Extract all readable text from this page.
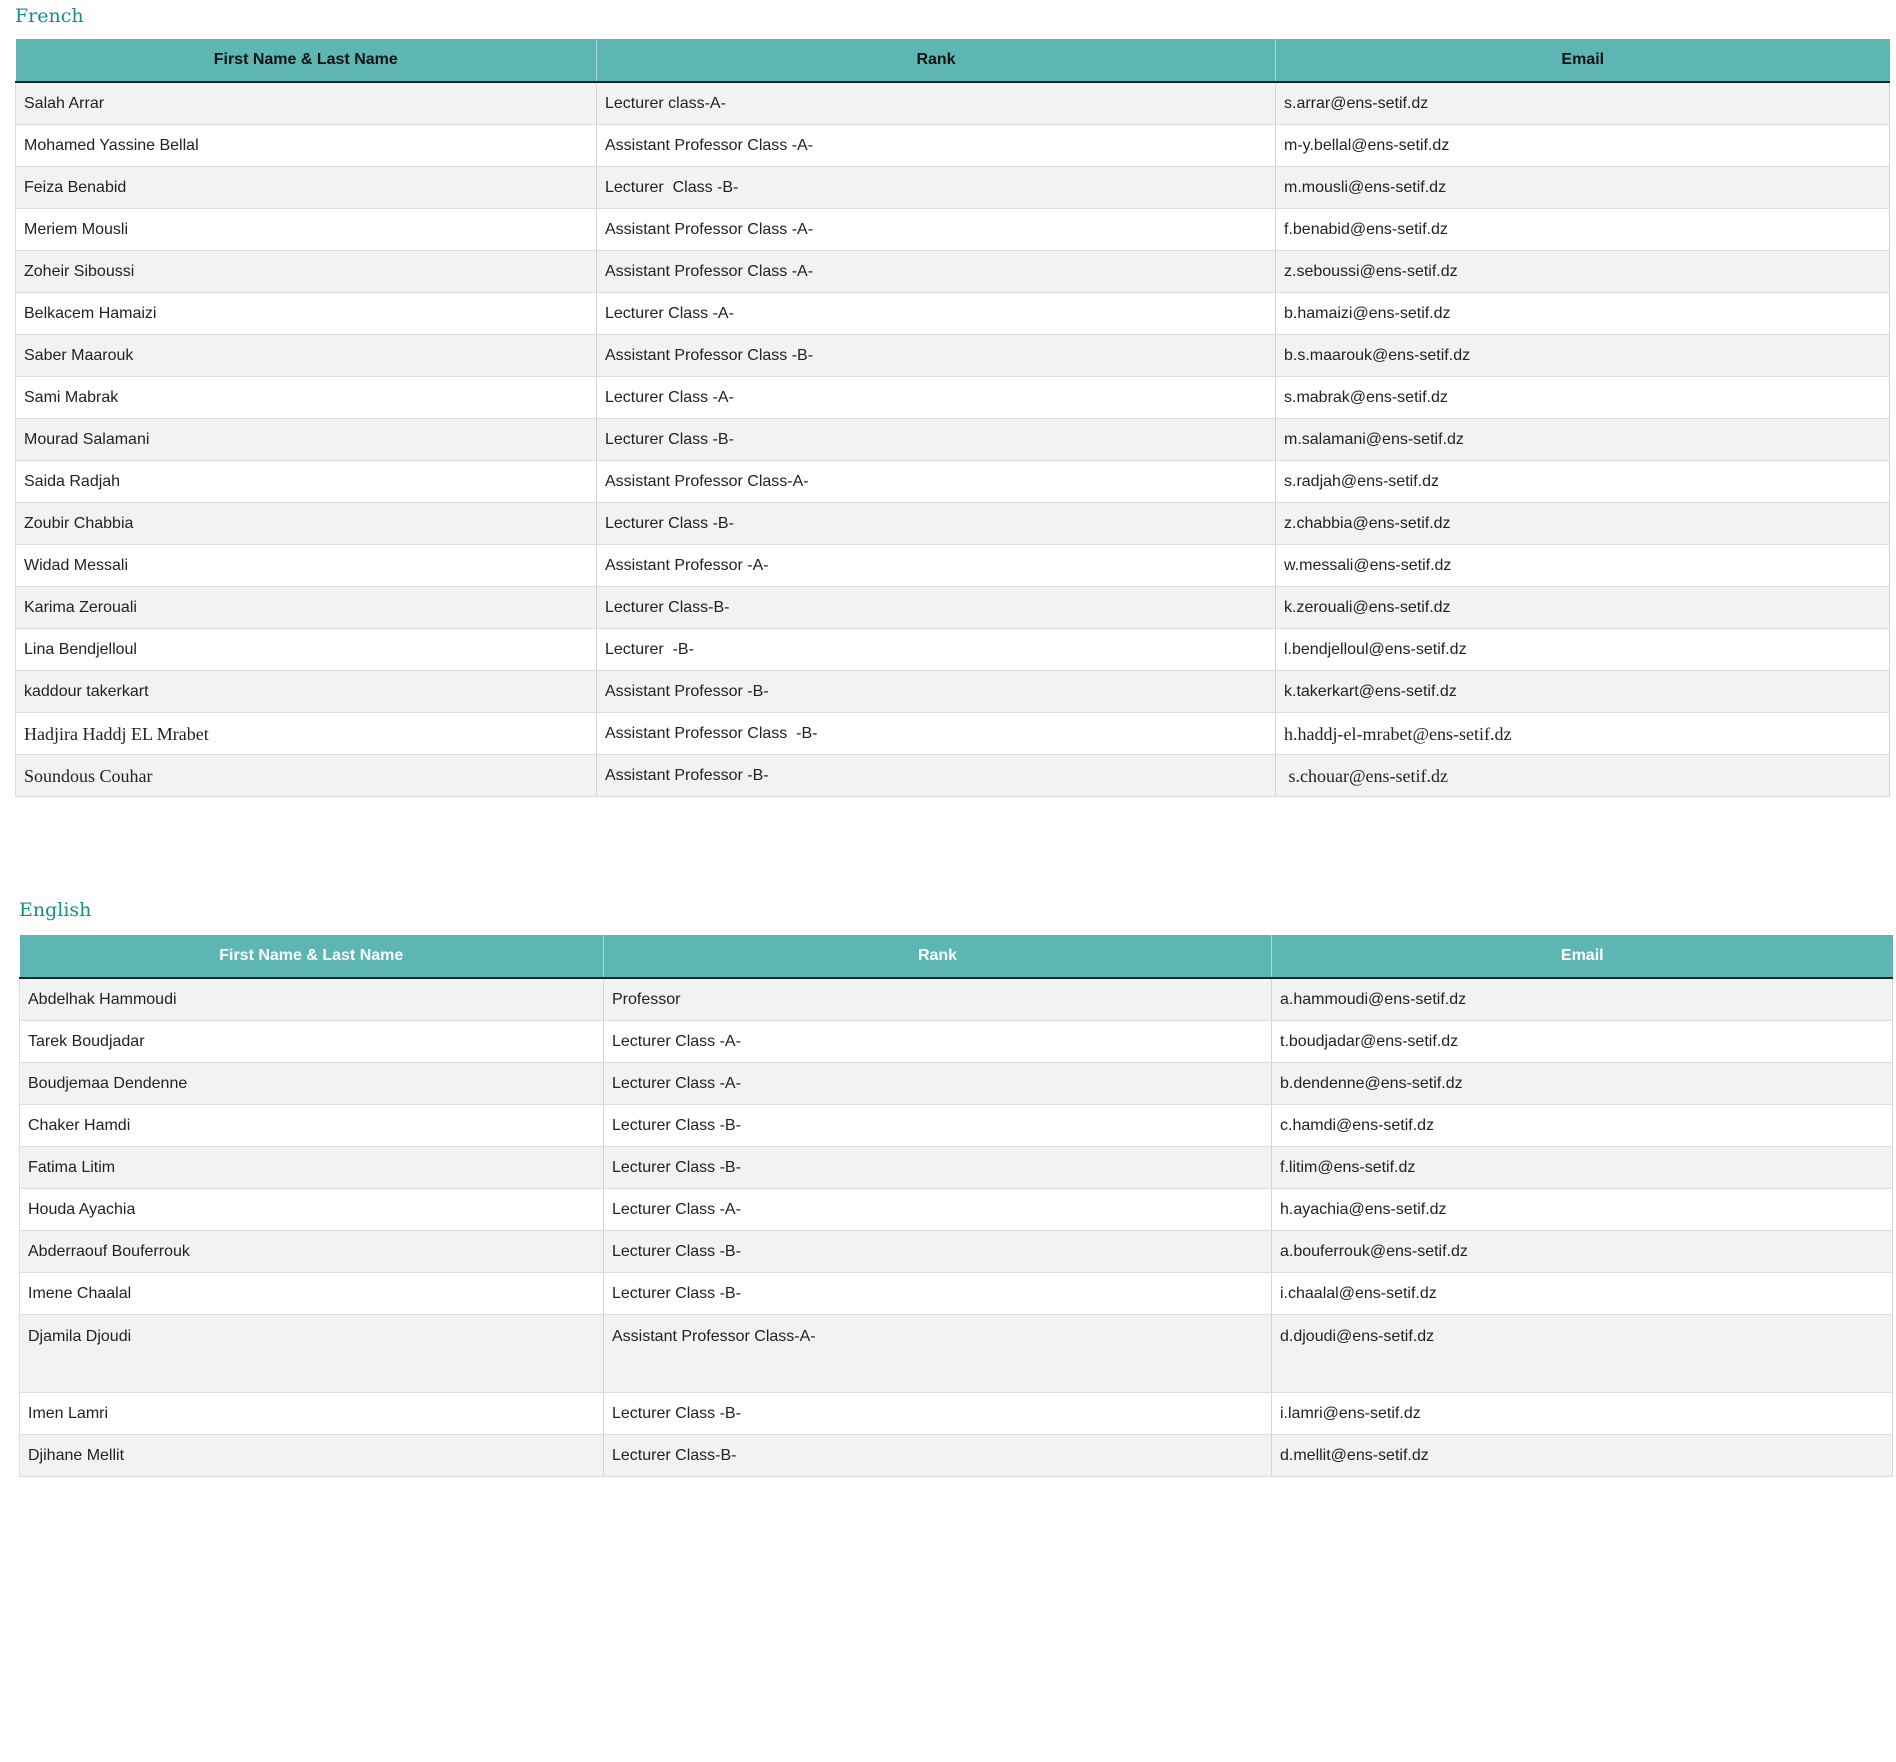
French
First Name & Last Name	Rank	Email
Salah Arrar	Lecturer class-A-	s.arrar@ens-setif.dz
Mohamed Yassine Bellal	Assistant Professor Class -A-	m-y.bellal@ens-setif.dz
Feiza Benabid	Lecturer  Class -B-	m.mousli@ens-setif.dz
Meriem Mousli	Assistant Professor Class -A-	f.benabid@ens-setif.dz
Zoheir Siboussi	Assistant Professor Class -A-	z.seboussi@ens-setif.dz
Belkacem Hamaizi	Lecturer Class -A-	b.hamaizi@ens-setif.dz
Saber Maarouk	Assistant Professor Class -B-	b.s.maarouk@ens-setif.dz
Sami Mabrak	Lecturer Class -A-	s.mabrak@ens-setif.dz
Mourad Salamani	Lecturer Class -B-	m.salamani@ens-setif.dz
Saida Radjah	Assistant Professor Class-A-	s.radjah@ens-setif.dz
Zoubir Chabbia	Lecturer Class -B-	z.chabbia@ens-setif.dz
Widad Messali	Assistant Professor -A-	w.messali@ens-setif.dz
Karima Zerouali	Lecturer Class-B-	k.zerouali@ens-setif.dz
Lina Bendjelloul	Lecturer  -B-	l.bendjelloul@ens-setif.dz
kaddour takerkart	Assistant Professor -B-	k.takerkart@ens-setif.dz
Hadjira Haddj EL Mrabet	Assistant Professor Class  -B-	h.haddj-el-mrabet@ens-setif.dz
Soundous Couhar	Assistant Professor -B-	s.chouar@ens-setif.dz
English
First Name & Last Name	Rank	Email
Abdelhak Hammoudi	Professor	a.hammoudi@ens-setif.dz
Tarek Boudjadar	Lecturer Class -A-	t.boudjadar@ens-setif.dz
Boudjemaa Dendenne	Lecturer Class -A-	b.dendenne@ens-setif.dz
Chaker Hamdi	Lecturer Class -B-	c.hamdi@ens-setif.dz
Fatima Litim	Lecturer Class -B-	f.litim@ens-setif.dz
Houda Ayachia	Lecturer Class -A-	h.ayachia@ens-setif.dz
Abderraouf Bouferrouk	Lecturer Class -B-	a.bouferrouk@ens-setif.dz
Imene Chaalal	Lecturer Class -B-	i.chaalal@ens-setif.dz
Djamila Djoudi	Assistant Professor Class-A-	d.djoudi@ens-setif.dz
Imen Lamri	Lecturer Class -B-	i.lamri@ens-setif.dz
Djihane Mellit	Lecturer Class-B-	d.mellit@ens-setif.dz
